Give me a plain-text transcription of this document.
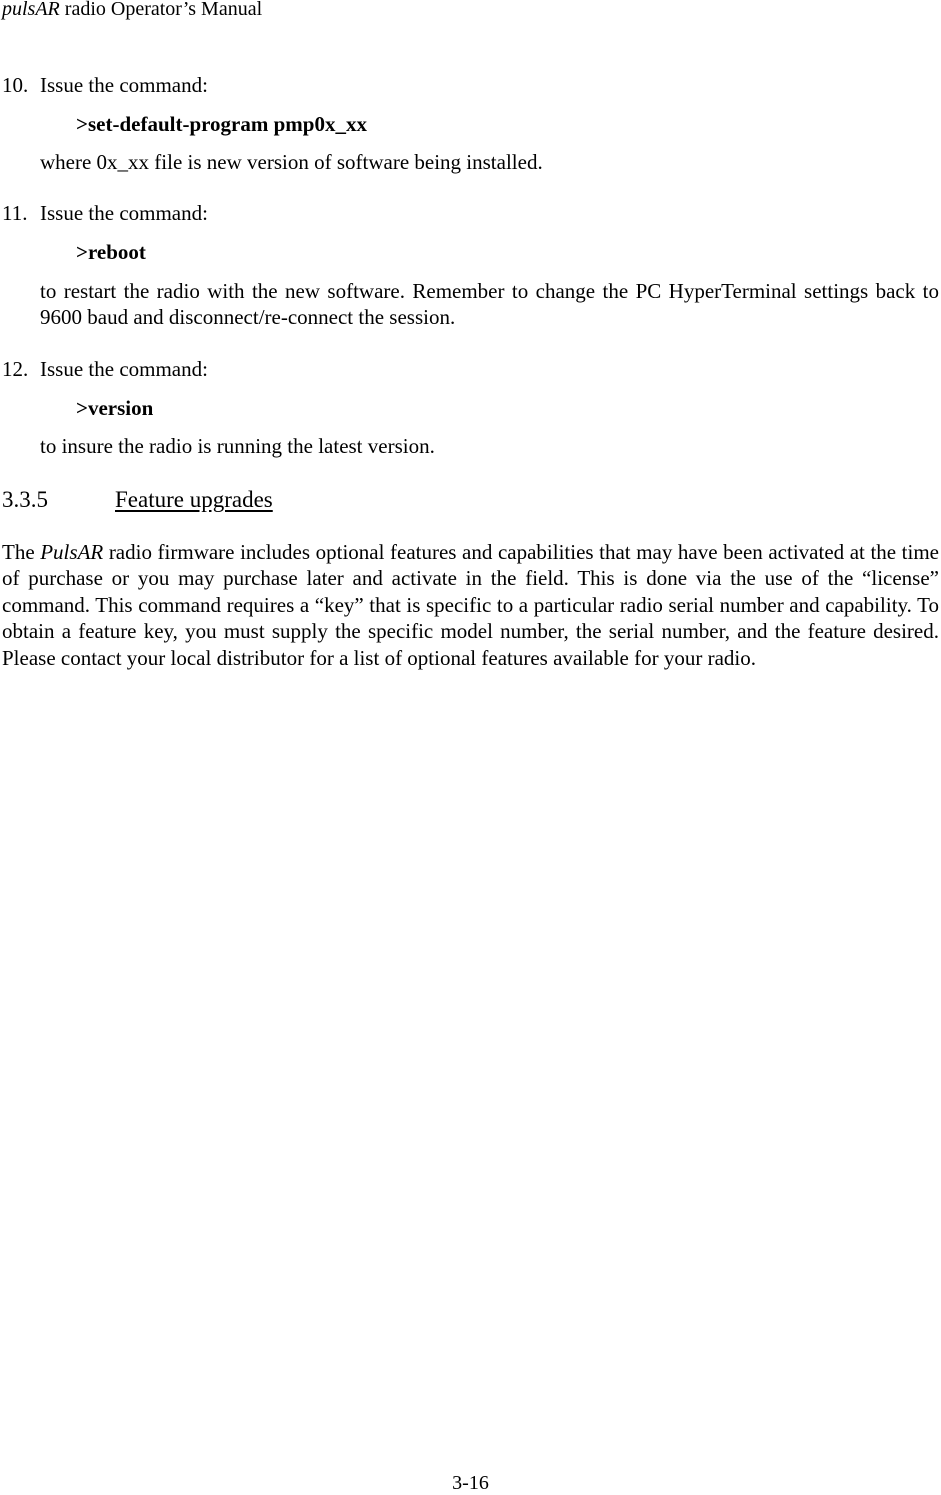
pulsAR radio Operator’s Manual
10. Issue the command:
>set-default-program pmp0x_xx
where 0x_xx file is new version of software being installed.
11. Issue the command:
>reboot
to restart the radio with the new software. Remember to change the PC HyperTerminal settings back to 9600 baud and disconnect/re-connect the session.
12. Issue the command:
>version
to insure the radio is running the latest version.
3.3.5	Feature upgrades
The PulsAR radio firmware includes optional features and capabilities that may have been activated at the time of purchase or you may purchase later and activate in the field. This is done via the use of the “license” command. This command requires a “key” that is specific to a particular radio serial number and capability. To obtain a feature key, you must supply the specific model number, the serial number, and the feature desired. Please contact your local distributor for a list of optional features available for your radio.
3-16
